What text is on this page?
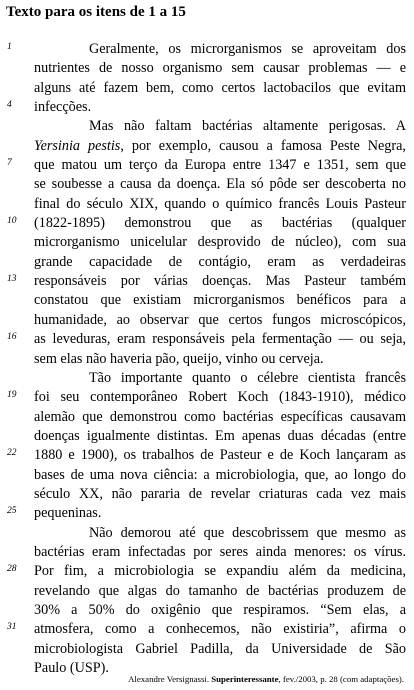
Texto para os itens de 1 a 15
1
4
7
10
13
16
19
22
25
28
31
Geralmente, os microrganismos se aproveitam dos
nutrientes de nosso organismo sem causar problemas — e
alguns até fazem bem, como certos lactobacilos que evitam
infecções.
Mas não faltam bactérias altamente perigosas. A
Yersinia pestis, por exemplo, causou a famosa Peste Negra,
que matou um terço da Europa entre 1347 e 1351, sem que
se soubesse a causa da doença. Ela só pôde ser descoberta no
final do século XIX, quando o químico francês Louis Pasteur
(1822-1895) demonstrou que as bactérias (qualquer
microrganismo unicelular desprovido de núcleo), com sua
grande capacidade de contágio, eram as verdadeiras
responsáveis por várias doenças. Mas Pasteur também
constatou que existiam microrganismos benéficos para a
humanidade, ao observar que certos fungos microscópicos,
as leveduras, eram responsáveis pela fermentação — ou seja,
sem elas não haveria pão, queijo, vinho ou cerveja.
Tão importante quanto o célebre cientista francês
foi seu contemporâneo Robert Koch (1843-1910), médico
alemão que demonstrou como bactérias específicas causavam
doenças igualmente distintas. Em apenas duas décadas (entre
1880 e 1900), os trabalhos de Pasteur e de Koch lançaram as
bases de uma nova ciência: a microbiologia, que, ao longo do
século XX, não pararia de revelar criaturas cada vez mais
pequeninas.
Não demorou até que descobrissem que mesmo as
bactérias eram infectadas por seres ainda menores: os vírus.
Por fim, a microbiologia se expandiu além da medicina,
revelando que algas do tamanho de bactérias produzem de
30% a 50% do oxigênio que respiramos. “Sem elas, a
atmosfera, como a conhecemos, não existiria”, afirma o
microbiologista Gabriel Padilla, da Universidade de São
Paulo (USP).
Alexandre Versignassi. Superinteressante, fev./2003, p. 28 (com adaptações).
